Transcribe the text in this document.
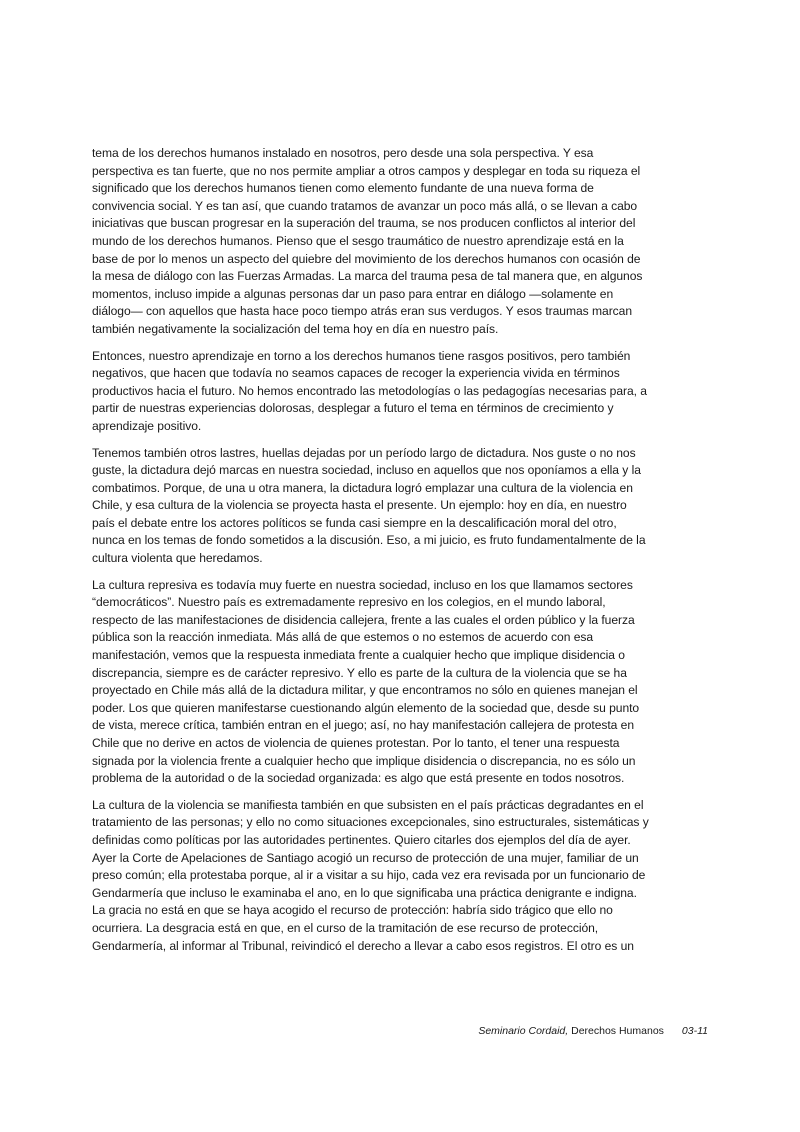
tema de los derechos humanos instalado en nosotros, pero desde una sola perspectiva. Y esa
perspectiva es tan fuerte, que no nos permite ampliar a otros campos y desplegar en toda su riqueza el
significado que los derechos humanos tienen como elemento fundante de una nueva forma de
convivencia social. Y es tan así, que cuando tratamos de avanzar un poco más allá, o se llevan a cabo
iniciativas que buscan progresar en la superación del trauma, se nos producen conflictos al interior del
mundo de los derechos humanos. Pienso que el sesgo traumático de nuestro aprendizaje está en la
base de por lo menos un aspecto del quiebre del movimiento de los derechos humanos con ocasión de
la mesa de diálogo con las Fuerzas Armadas. La marca del trauma pesa de tal manera que, en algunos
momentos, incluso impide a algunas personas dar un paso para entrar en diálogo —solamente en
diálogo— con aquellos que hasta hace poco tiempo atrás eran sus verdugos. Y esos traumas marcan
también negativamente la socialización del tema hoy en día en nuestro país.

Entonces, nuestro aprendizaje en torno a los derechos humanos tiene rasgos positivos, pero también
negativos, que hacen que todavía no seamos capaces de recoger la experiencia vivida en términos
productivos hacia el futuro. No hemos encontrado las metodologías o las pedagogías necesarias para, a
partir de nuestras experiencias dolorosas, desplegar a futuro el tema en términos de crecimiento y
aprendizaje positivo.

Tenemos también otros lastres, huellas dejadas por un período largo de dictadura. Nos guste o no nos
guste, la dictadura dejó marcas en nuestra sociedad, incluso en aquellos que nos oponíamos a ella y la
combatimos. Porque, de una u otra manera, la dictadura logró emplazar una cultura de la violencia en
Chile, y esa cultura de la violencia se proyecta hasta el presente. Un ejemplo: hoy en día, en nuestro
país el debate entre los actores políticos se funda casi siempre en la descalificación moral del otro,
nunca en los temas de fondo sometidos a la discusión. Eso, a mi juicio, es fruto fundamentalmente de la
cultura violenta que heredamos.

La cultura represiva es todavía muy fuerte en nuestra sociedad, incluso en los que llamamos sectores
“democráticos”. Nuestro país es extremadamente represivo en los colegios, en el mundo laboral,
respecto de las manifestaciones de disidencia callejera, frente a las cuales el orden público y la fuerza
pública son la reacción inmediata. Más allá de que estemos o no estemos de acuerdo con esa
manifestación, vemos que la respuesta inmediata frente a cualquier hecho que implique disidencia o
discrepancia, siempre es de carácter represivo. Y ello es parte de la cultura de la violencia que se ha
proyectado en Chile más allá de la dictadura militar, y que encontramos no sólo en quienes manejan el
poder. Los que quieren manifestarse cuestionando algún elemento de la sociedad que, desde su punto
de vista, merece crítica, también entran en el juego; así, no hay manifestación callejera de protesta en
Chile que no derive en actos de violencia de quienes protestan. Por lo tanto, el tener una respuesta
signada por la violencia frente a cualquier hecho que implique disidencia o discrepancia, no es sólo un
problema de la autoridad o de la sociedad organizada: es algo que está presente en todos nosotros.

La cultura de la violencia se manifiesta también en que subsisten en el país prácticas degradantes en el
tratamiento de las personas; y ello no como situaciones excepcionales, sino estructurales, sistemáticas y
definidas como políticas por las autoridades pertinentes. Quiero citarles dos ejemplos del día de ayer.
Ayer la Corte de Apelaciones de Santiago acogió un recurso de protección de una mujer, familiar de un
preso común; ella protestaba porque, al ir a visitar a su hijo, cada vez era revisada por un funcionario de
Gendarmería que incluso le examinaba el ano, en lo que significaba una práctica denigrante e indigna.
La gracia no está en que se haya acogido el recurso de protección: habría sido trágico que ello no
ocurriera. La desgracia está en que, en el curso de la tramitación de ese recurso de protección,
Gendarmería, al informar al Tribunal, reivindicó el derecho a llevar a cabo esos registros. El otro es un

Seminario Cordaid, Derechos Humanos 03-11
